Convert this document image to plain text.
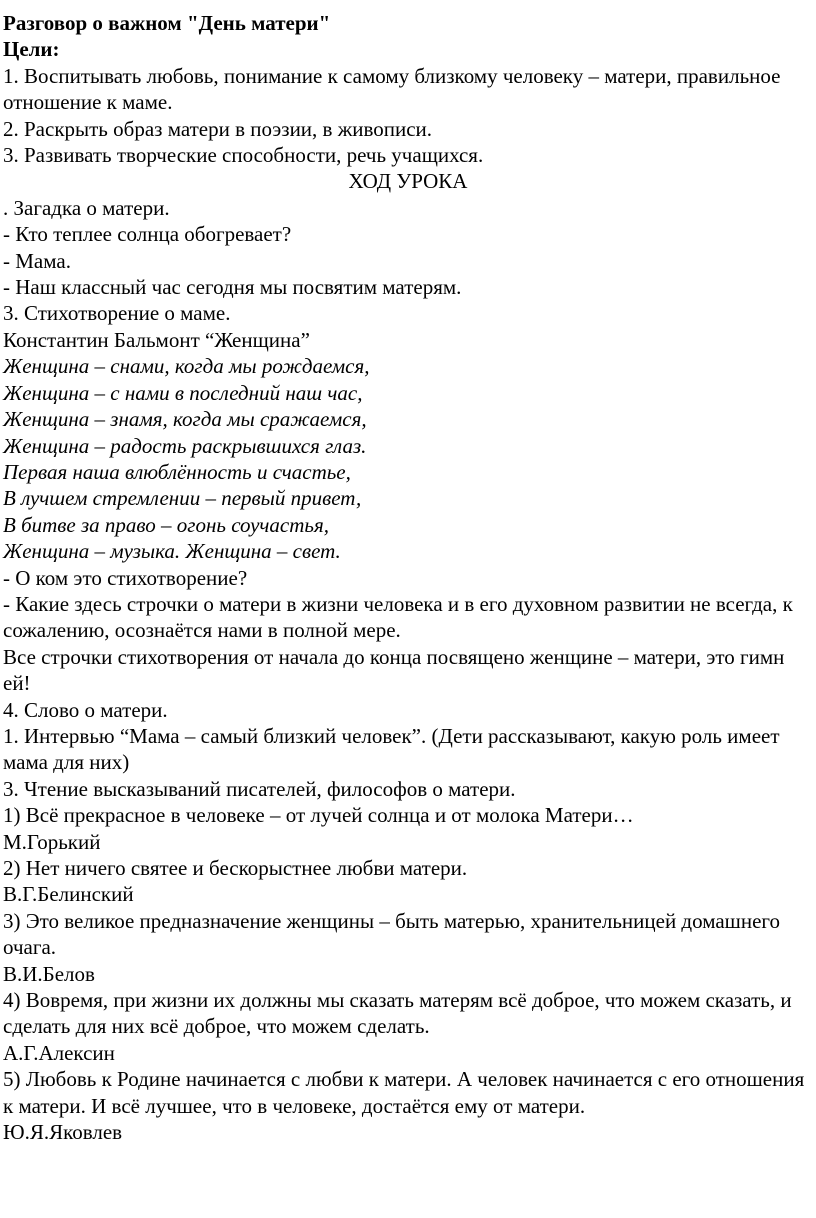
Разговор о важном "День матери"
Цели:
1. Воспитывать любовь, понимание к самому близкому человеку – матери, правильное отношение к маме.
2. Раскрыть образ матери в поэзии, в живописи.
3. Развивать творческие способности, речь учащихся.
ХОД УРОКА
. Загадка о матери.
- Кто теплее солнца обогревает?
- Мама.
- Наш классный час сегодня мы посвятим матерям.
3. Стихотворение о маме.
Константин Бальмонт “Женщина”
Женщина – снами, когда мы рождаемся,
Женщина – с нами в последний наш час,
Женщина – знамя, когда мы сражаемся,
Женщина – радость раскрывшихся глаз.
Первая наша влюблённость и счастье,
В лучшем стремлении – первый привет,
В битве за право – огонь соучастья,
Женщина – музыка. Женщина – свет.
- О ком это стихотворение?
- Какие здесь строчки о матери в жизни человека и в его духовном развитии не всегда, к сожалению, осознаётся нами в полной мере.
Все строчки стихотворения от начала до конца посвящено женщине – матери, это гимн ей!
4. Слово о матери.
1. Интервью “Мама – самый близкий человек”. (Дети рассказывают, какую роль имеет мама для них)
3. Чтение высказываний писателей, философов о матери.
1) Всё прекрасное в человеке – от лучей солнца и от молока Матери…
М.Горький
2) Нет ничего святее и бескорыстнее любви матери.
В.Г.Белинский
3) Это великое предназначение женщины – быть матерью, хранительницей домашнего очага.
В.И.Белов
4) Вовремя, при жизни их должны мы сказать матерям всё доброе, что можем сказать, и сделать для них всё доброе, что можем сделать.
А.Г.Алексин
5) Любовь к Родине начинается с любви к матери. А человек начинается с его отношения к матери. И всё лучшее, что в человеке, достаётся ему от матери.
Ю.Я.Яковлев
